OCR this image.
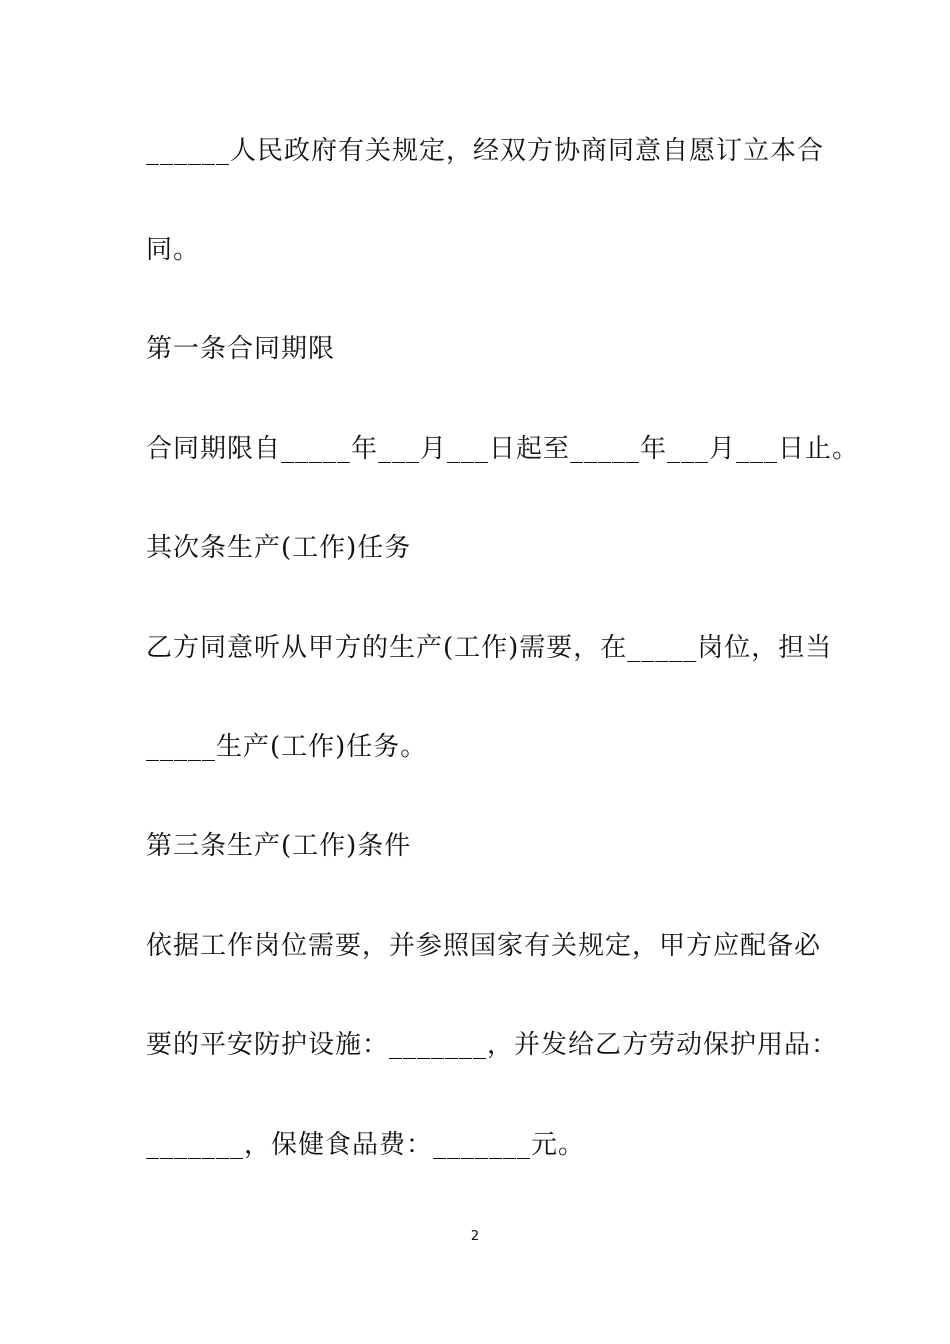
______人民政府有关规定，经双方协商同意自愿订立本合
同。
第一条合同期限
合同期限自_____年___月___日起至_____年___月___日止。
其次条生产(工作)任务
乙方同意听从甲方的生产(工作)需要，在_____岗位，担当
_____生产(工作)任务。
第三条生产(工作)条件
依据工作岗位需要，并参照国家有关规定，甲方应配备必
要的平安防护设施：_______，并发给乙方劳动保护用品：
_______，保健食品费：_______元。
2
